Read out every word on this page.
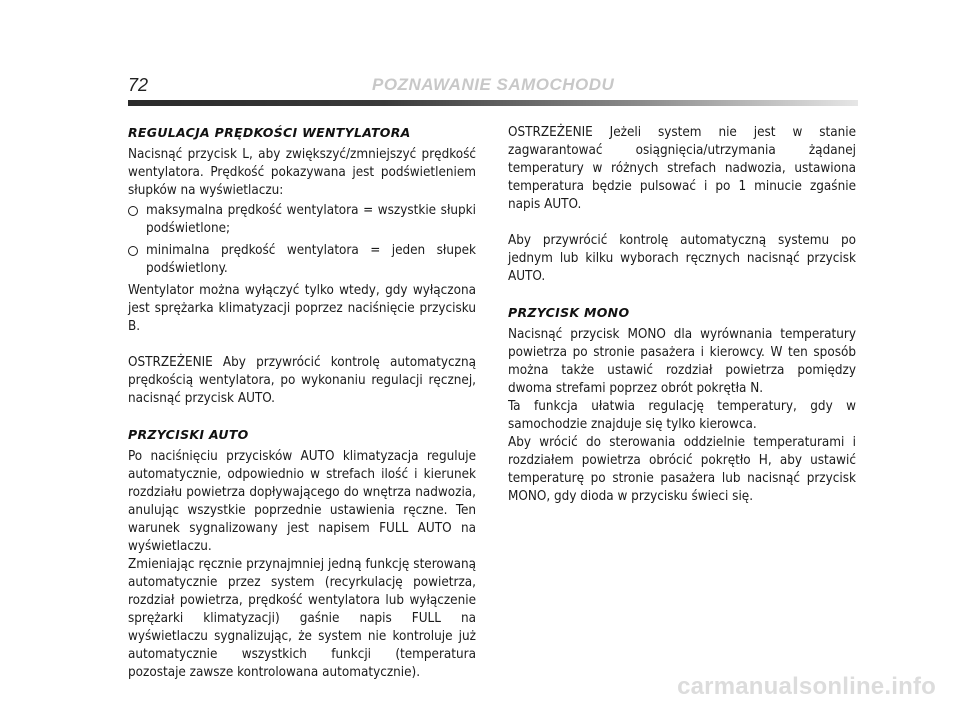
72	POZNAWANIE SAMOCHODU
REGULACJA PRĘDKOŚCI WENTYLATORA

Nacisnąć przycisk L, aby zwiększyć/zmniejszyć prędkość wentylatora. Prędkość pokazywana jest podświetleniem słupków na wyświetlaczu:

maksymalna prędkość wentylatora = wszystkie słupki podświetlone;
minimalna prędkość wentylatora = jeden słupek podświetlony.

Wentylator można wyłączyć tylko wtedy, gdy wyłączona jest sprężarka klimatyzacji poprzez naciśnięcie przycisku B.

OSTRZEŻENIE Aby przywrócić kontrolę automatyczną prędkością wentylatora, po wykonaniu regulacji ręcznej, nacisnąć przycisk AUTO.

PRZYCISKI AUTO

Po naciśnięciu przycisków AUTO klimatyzacja reguluje automatycznie, odpowiednio w strefach ilość i kierunek rozdziału powietrza dopływającego do wnętrza nadwozia, anulując wszystkie poprzednie ustawienia ręczne. Ten warunek sygnalizowany jest napisem FULL AUTO na wyświetlaczu.

Zmieniając ręcznie przynajmniej jedną funkcję sterowaną automatycznie przez system (recyrkulację powietrza, rozdział powietrza, prędkość wentylatora lub wyłączenie sprężarki klimatyzacji) gaśnie napis FULL na wyświetlaczu sygnalizując, że system nie kontroluje już automatycznie wszystkich funkcji (temperatura pozostaje zawsze kontrolowana automatycznie).

OSTRZEŻENIE Jeżeli system nie jest w stanie zagwarantować osiągnięcia/utrzymania żądanej temperatury w różnych strefach nadwozia, ustawiona temperatura będzie pulsować i po 1 minucie zgaśnie napis AUTO.

Aby przywrócić kontrolę automatyczną systemu po jednym lub kilku wyborach ręcznych nacisnąć przycisk AUTO.

PRZYCISK MONO

Nacisnąć przycisk MONO dla wyrównania temperatury powietrza po stronie pasażera i kierowcy. W ten sposób można także ustawić rozdział powietrza pomiędzy dwoma strefami poprzez obrót pokrętła N.

Ta funkcja ułatwia regulację temperatury, gdy w samochodzie znajduje się tylko kierowca.

Aby wrócić do sterowania oddzielnie temperaturami i rozdziałem powietrza obrócić pokrętło H, aby ustawić temperaturę po stronie pasażera lub nacisnąć przycisk MONO, gdy dioda w przycisku świeci się.

carmanualsonline.info
